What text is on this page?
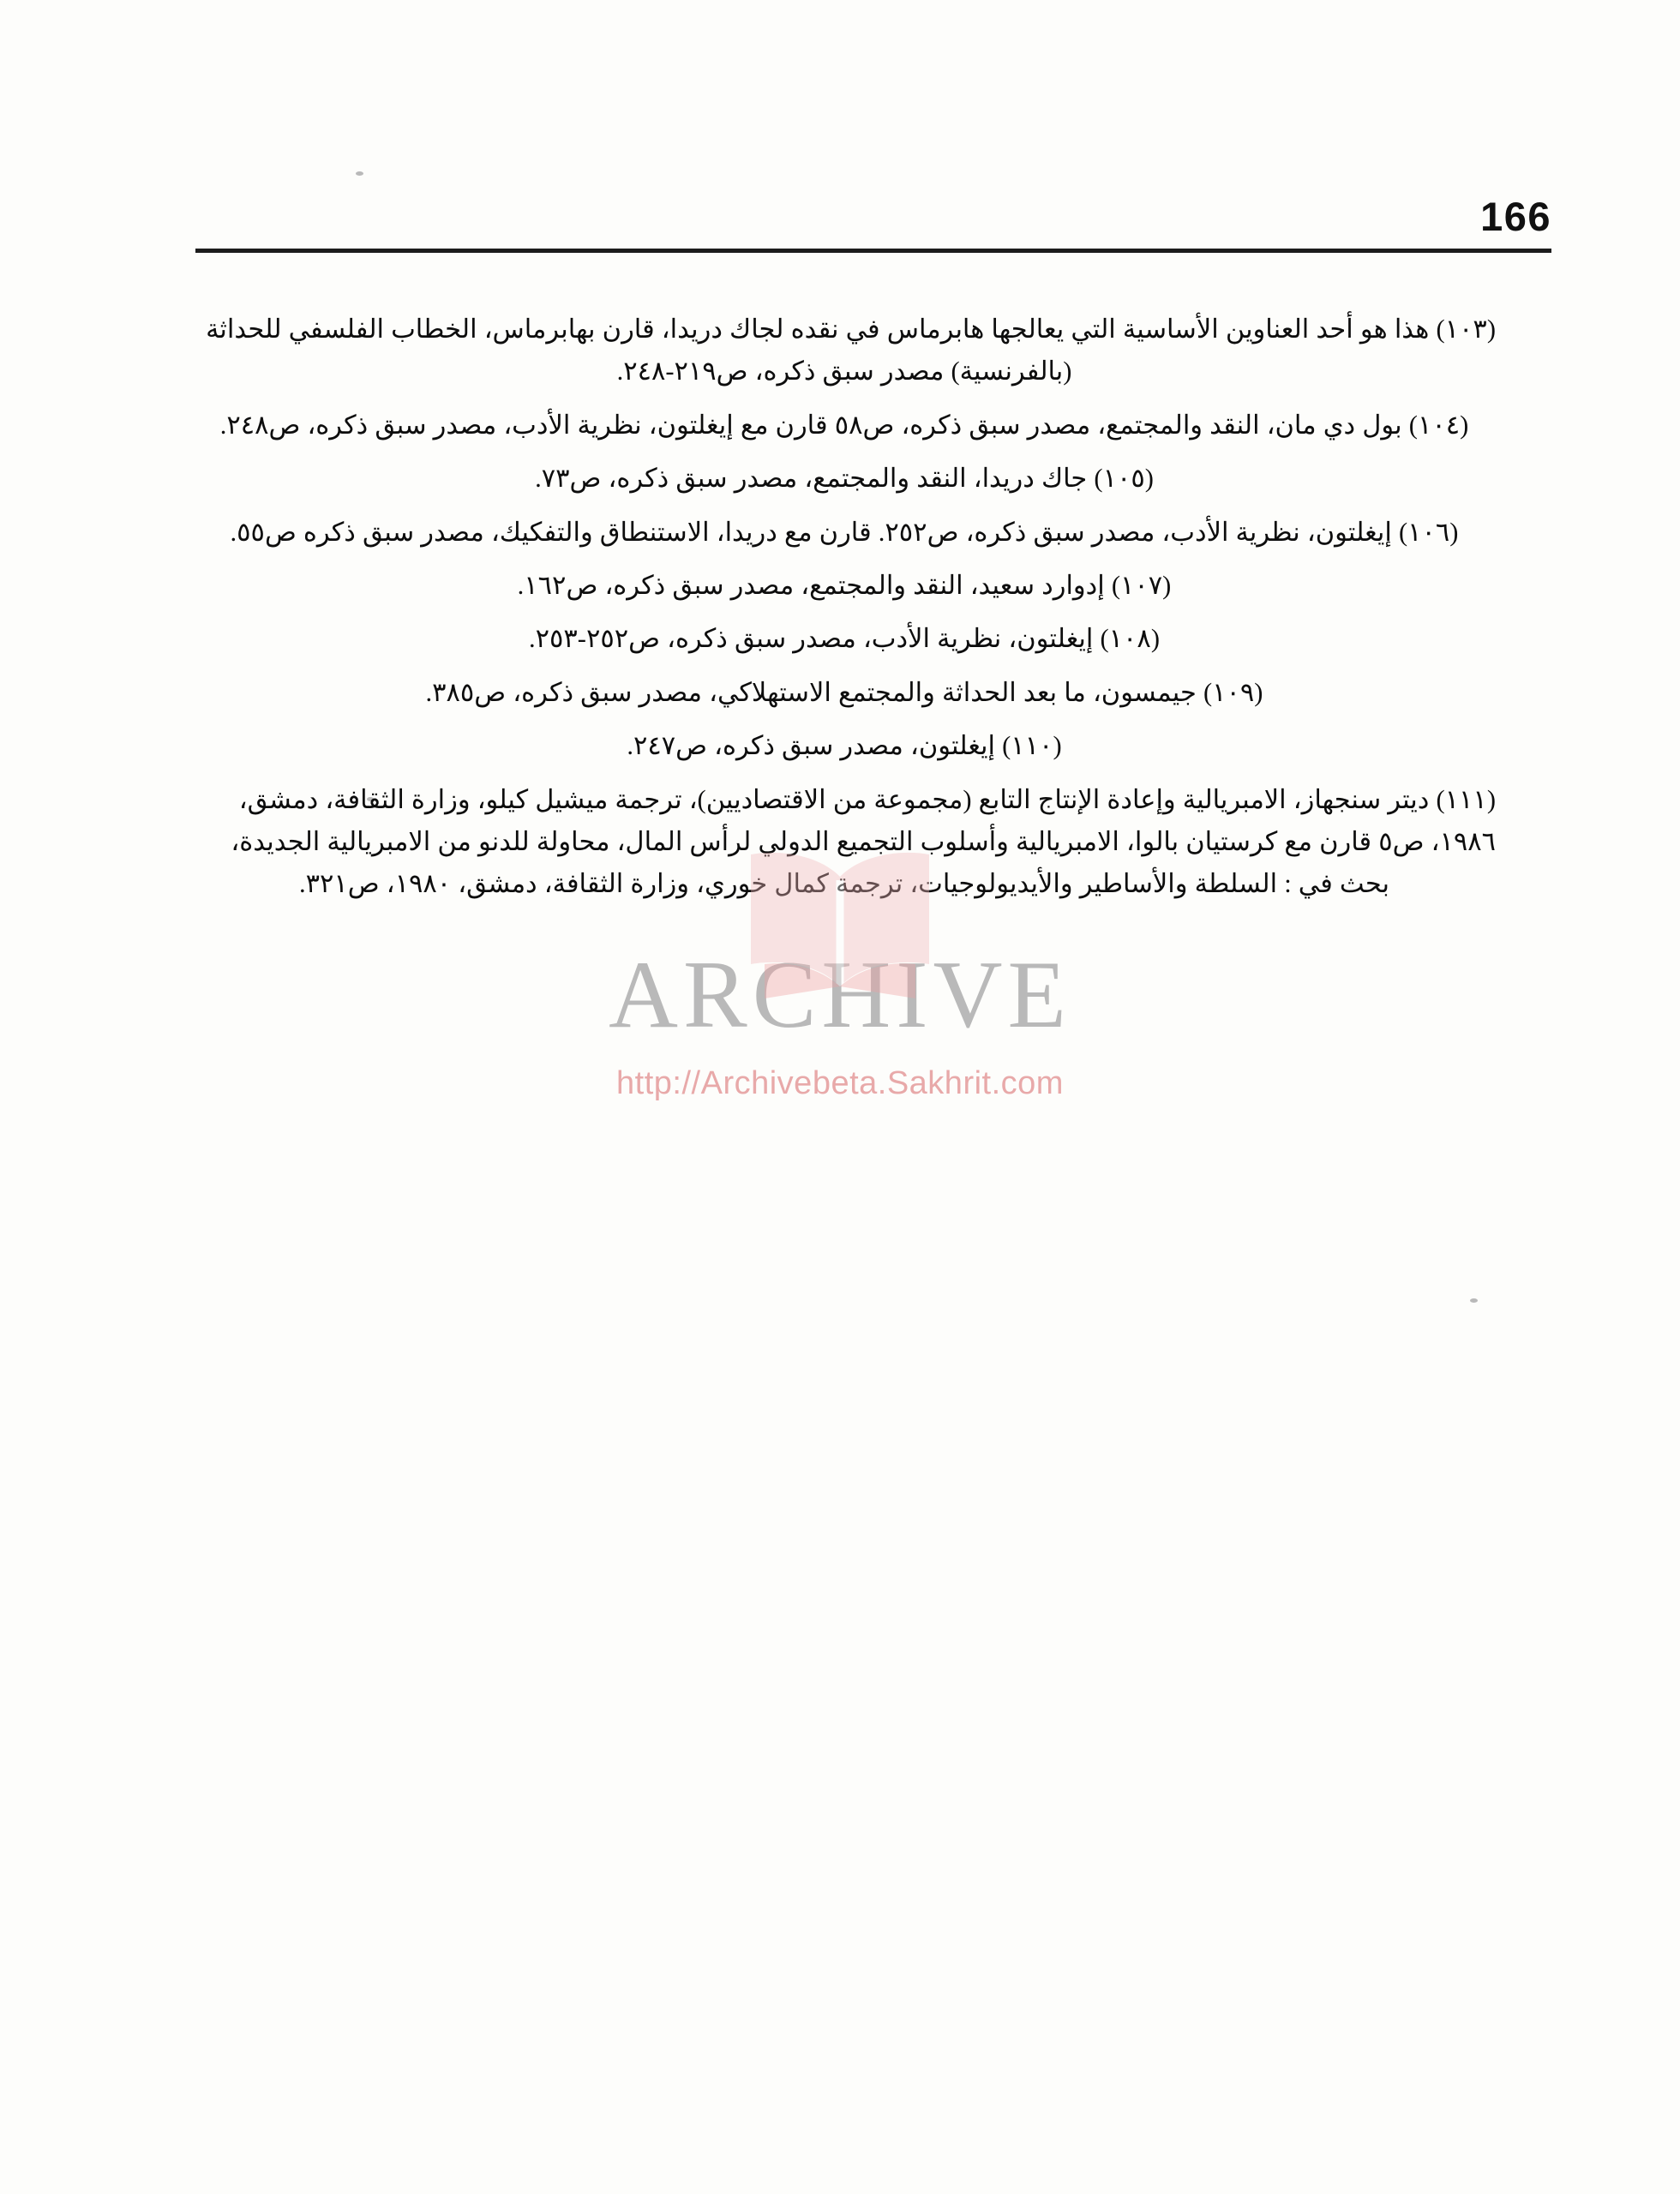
166

(١٠٣) هذا هو أحد العناوين الأساسية التي يعالجها هابرماس في نقده لجاك دريدا، قارن بهابرماس، الخطاب الفلسفي للحداثة
(بالفرنسية) مصدر سبق ذكره، ص٢١٩-٢٤٨.

(١٠٤) بول دي مان، النقد والمجتمع، مصدر سبق ذكره، ص٥٨ قارن مع إيغلتون، نظرية الأدب، مصدر سبق ذكره، ص٢٤٨.

(١٠٥) جاك دريدا، النقد والمجتمع، مصدر سبق ذكره، ص٧٣.

(١٠٦) إيغلتون، نظرية الأدب، مصدر سبق ذكره، ص٢٥٢. قارن مع دريدا، الاستنطاق والتفكيك، مصدر سبق ذكره ص٥٥.

(١٠٧) إدوارد سعيد، النقد والمجتمع، مصدر سبق ذكره، ص١٦٢.

(١٠٨) إيغلتون، نظرية الأدب، مصدر سبق ذكره، ص٢٥٢-٢٥٣.

(١٠٩) جيمسون، ما بعد الحداثة والمجتمع الاستهلاكي، مصدر سبق ذكره، ص٣٨٥.

(١١٠) إيغلتون، مصدر سبق ذكره، ص٢٤٧.

(١١١) ديتر سنجهاز، الامبريالية وإعادة الإنتاج التابع (مجموعة من الاقتصاديين)، ترجمة ميشيل كيلو، وزارة الثقافة، دمشق،
١٩٨٦، ص٥ قارن مع كرستيان بالوا، الامبريالية وأسلوب التجميع الدولي لرأس المال، محاولة للدنو من الامبريالية الجديدة،
بحث في : السلطة والأساطير والأيديولوجيات، ترجمة كمال خوري، وزارة الثقافة، دمشق، ١٩٨٠، ص٣٢١.

ARCHIVE
http://Archivebeta.Sakhrit.com
